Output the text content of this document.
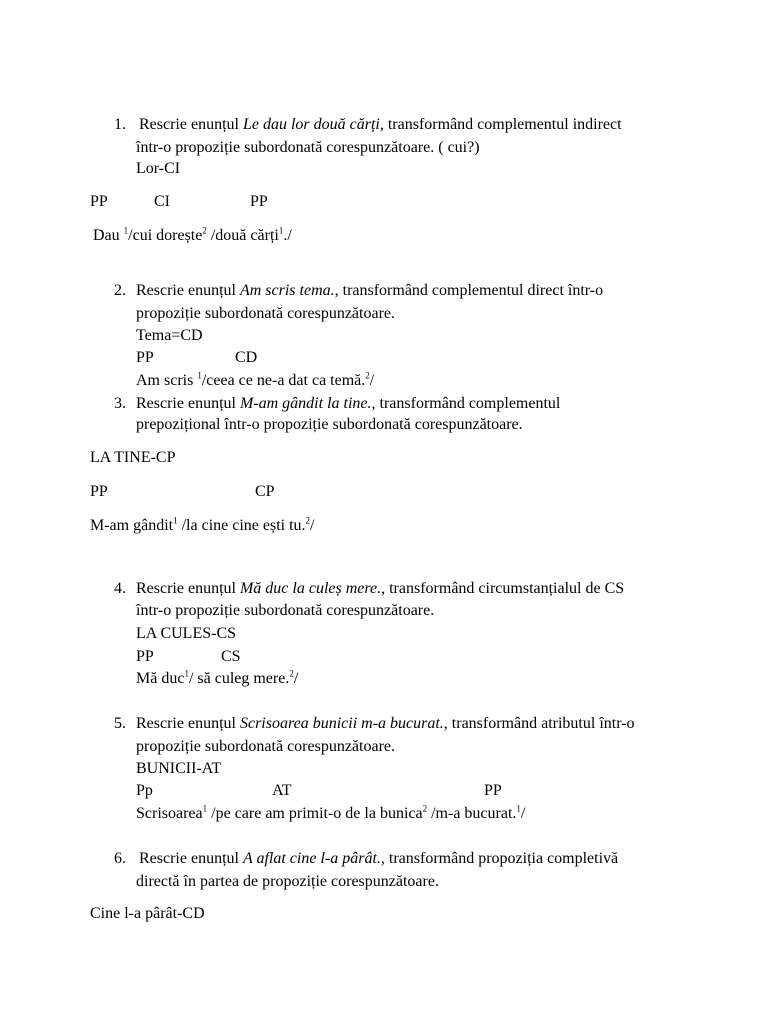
1. Rescrie enunțul Le dau lor două cărți, transformând complementul indirect
într-o propoziție subordonată corespunzătoare. ( cui?)
Lor-CI
PP	CI	PP
Dau $^1$/cui dorește$^2$ /două cărți$^1$./
2. Rescrie enunțul Am scris tema., transformând complementul direct într-o
propoziție subordonată corespunzătoare.
Tema=CD
PP	CD
Am scris $^1$/ceea ce ne-a dat ca temă.$^2$/
3. Rescrie enunțul M-am gândit la tine., transformând complementul
prepozițional într-o propoziție subordonată corespunzătoare.
LA TINE-CP
PP	CP
M-am gândit$^1$ /la cine cine ești tu.$^2$/
4. Rescrie enunțul Mă duc la culeș mere., transformând circumstanțialul de CS
într-o propoziție subordonată corespunzătoare.
LA CULES-CS
PP	CS
Mă duc$^1$/ să culeg mere.$^2$/
5. Rescrie enunțul Scrisoarea bunicii m-a bucurat., transformând atributul într-o
propoziție subordonată corespunzătoare.
BUNICII-AT
Pp	AT	PP
Scrisoarea$^1$ /pe care am primit-o de la bunica$^2$ /m-a bucurat.$^1$/
6. Rescrie enunțul A aflat cine l-a pârât., transformând propoziția completivă
directă în partea de propoziție corespunzătoare.
Cine l-a pârât-CD
